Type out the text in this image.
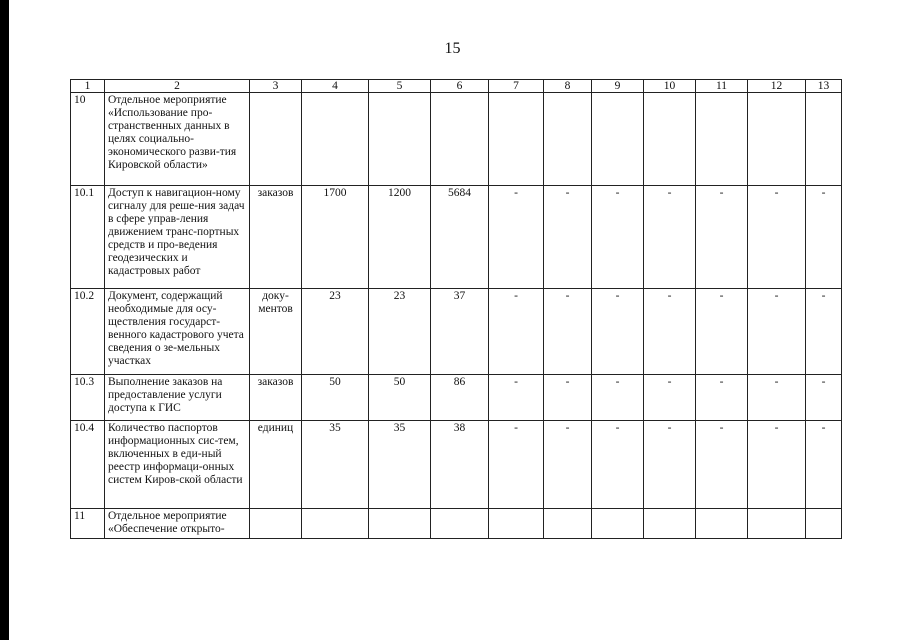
15
1	2	3	4	5	6	7	8	9	10	11	12	13
10	Отдельное мероприятие «Использование про-странственных данных в целях социально-экономического разви-тия Кировской области»											
10.1	Доступ к навигацион-ному сигналу для реше-ния задач в сфере управ-ления движением транс-портных средств и про-ведения геодезических и кадастровых работ	заказов	1700	1200	5684	-	-	-	-	-	-	-
10.2	Документ, содержащий необходимые для осу-ществления государст-венного кадастрового учета сведения о зе-мельных участках	доку-ментов	23	23	37	-	-	-	-	-	-	-
10.3	Выполнение заказов на предоставление услуги доступа к ГИС	заказов	50	50	86	-	-	-	-	-	-	-
10.4	Количество паспортов информационных сис-тем, включенных в еди-ный реестр информаци-онных систем Киров-ской области	единиц	35	35	38	-	-	-	-	-	-	-
11	Отдельное мероприятие «Обеспечение открыто-											
